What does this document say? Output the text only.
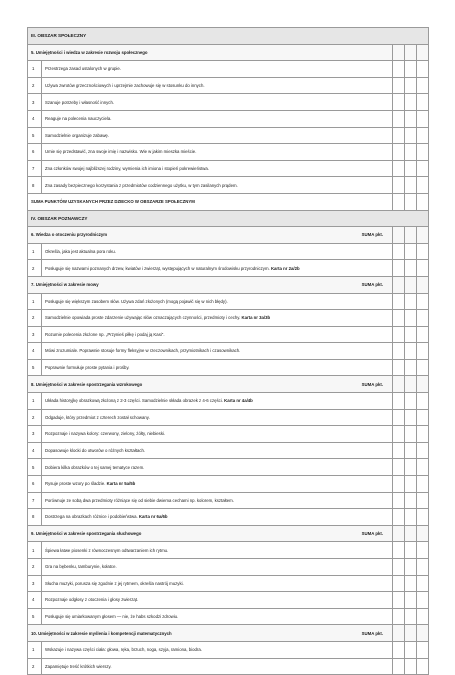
III. OBSZAR SPOŁECZNY				
5. Umiejętności i wiedza w zakresie rozwoju społecznego				
1	Przestrzega zasad ustalonych w grupie.			
2	Używa zwrotów grzecznościowych i uprzejmie zachowuje się w stosunku do innych.			
3	Szanuje potrzeby i własność innych.			
4	Reaguje na polecenia nauczyciela.			
5	Samodzielnie organizuje zabawę.			
6	Umie się przedstawić, zna swoje imię i nazwisko. Wie w jakim mieszka mieście.			
7	Zna członków swojej najbliższej rodziny, wymienia ich imiona i stopień pokrewieństwa.			
8	Zna zasady bezpiecznego korzystania z przedmiotów codziennego użytku, w tym zasilanych prądem.			
SUMA PUNKTÓW UZYSKANYCH PRZEZ DZIECKO W OBSZARZE SPOŁECZNYM				
IV. OBSZAR POZNAWCZY				
6. Wiedza o otoczeniu przyrodniczym SUMA pkt.				

1	Określa, jaka jest aktualna pora roku.			
2	Posługuje się nazwami poznanych drzew, kwiatów i zwierząt, występujących w naturalnym środowisku przyrodniczym. Karta nr 2a/2b			
7. Umiejętności w zakresie mowy SUMA pkt.				

1	Posługuje się większym zasobem słów. Używa zdań złożonych (mogą pojawić się w nich błędy).			
2	Samodzielnie opowiada proste zdarzenie używając słów oznaczających czynności, przedmioty i cechy. Karta nr 3a/3b			
3	Rozumie polecenia złożone np. „Przynieś piłkę i podaj ją Kasi".			
4	Mówi zrozumiale. Poprawnie stosuje formy fleksyjne w rzeczownikach, przymiotnikach i czasownikach.			
5	Poprawnie formułuje proste pytania i prośby.			
8. Umiejętności w zakresie spostrzegania wzrokowego SUMA pkt.				

1	Układa historyjkę obrazkową złożoną z 2-3 części. Samodzielnie składa obrazek z 4-6 części. Karta nr 4a/4b			
2	Odgaduje, który przedmiot z czterech został schowany.			
3	Rozpoznaje i nazywa kolory: czerwony, zielony, żółty, niebieski.			
4	Dopasowuje klocki do otworów o różnych kształtach.			
5	Dobiera kilka obrazków o tej samej tematyce razem.			
6	Rysuje proste wzory po śladzie. Karta nr 5a/5b			
7	Porównuje ze sobą dwa przedmioty różniące się od siebie dwiema cechami np. kolorem, kształtem.			
8	Dostrzega na obrazkach różnice i podobieństwa. Karta nr 6a/6b			
9. Umiejętności w zakresie spostrzegania słuchowego SUMA pkt.				

1	Śpiewa łatwe piosenki z równoczesnym odtwarzaniem ich rytmu.			
2	Gra na bębenku, tamburynie, kołatce.			
3	Słucha muzyki, porusza się zgodnie z jej rytmem, określa nastrój muzyki.			
4	Rozpoznaje odgłosy z otoczenia i głosy zwierząt.			
5	Posługuje się umiarkowanym głosem — nie, że habs szkodzi zdrowiu.			
10. Umiejętności w zakresie myślenia i kompetencji matematycznych SUMA pkt.				

1	Wskazuje i nazywa części ciała: głowa, ręka, brzuch, noga, szyja, ramiona, biodra.			
2	Zapamiętuje treść krótkich wierszy.			
